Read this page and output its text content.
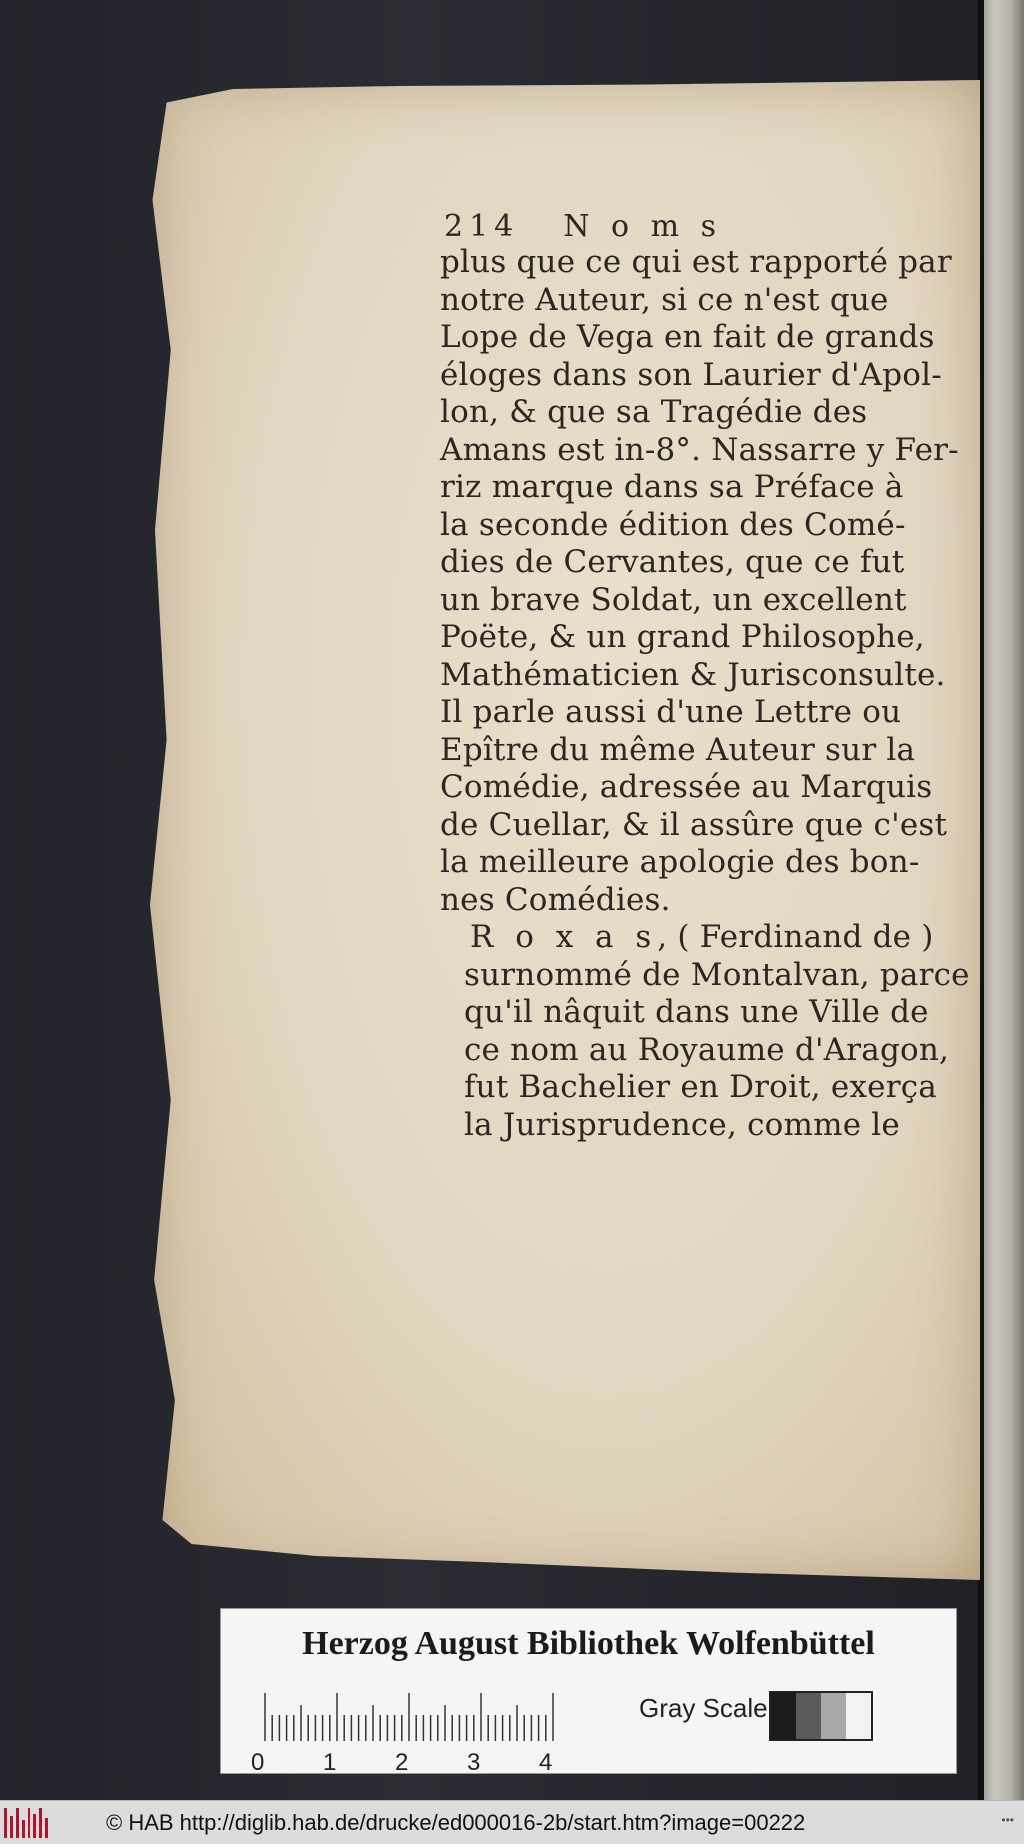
214 N o m s
plus que ce qui est rapporté par
notre Auteur, si ce n'est que
Lope de Vega en fait de grands
éloges dans son Laurier d'Apol-
lon, & que sa Tragédie des
Amans est in-8°. Nassarre y Fer-
riz marque dans sa Préface à
la seconde édition des Comé-
dies de Cervantes, que ce fut
un brave Soldat, un excellent
Poëte, & un grand Philosophe,
Mathématicien & Jurisconsulte.
Il parle aussi d'une Lettre ou
Epître du même Auteur sur la
Comédie, adressée au Marquis
de Cuellar, & il assûre que c'est
la meilleure apologie des bon-
nes Comédies.
R o x a s, ( Ferdinand de )
surnommé de Montalvan, parce
qu'il nâquit dans une Ville de
ce nom au Royaume d'Aragon,
fut Bachelier en Droit, exerça
la Jurisprudence, comme le
Herzog August Bibliothek Wolfenbüttel
0 1 2 3 4
Gray Scale
© HAB http://diglib.hab.de/drucke/ed000016-2b/start.htm?image=00222	•••
